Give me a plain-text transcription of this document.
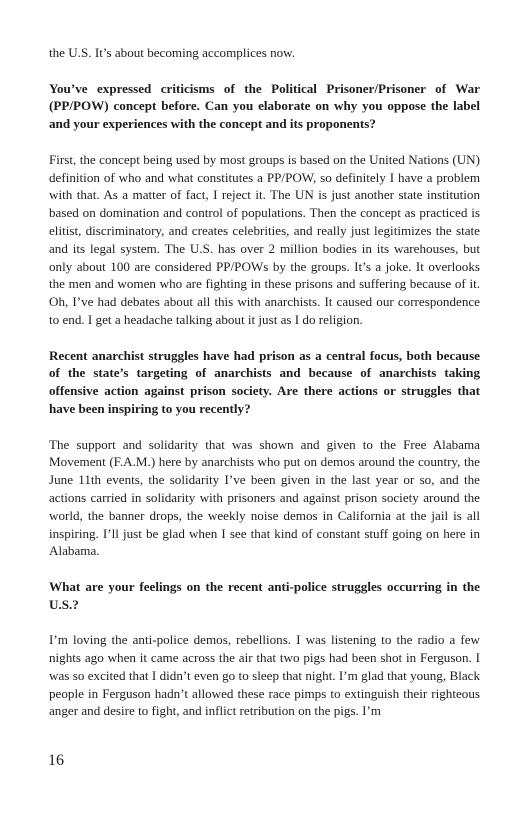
the U.S. It’s about becoming accomplices now.

You’ve expressed criticisms of the Political Prisoner/Prisoner of War (PP/POW) concept before. Can you elaborate on why you oppose the label and your experiences with the concept and its proponents?

First, the concept being used by most groups is based on the United Nations (UN) definition of who and what constitutes a PP/POW, so definitely I have a problem with that. As a matter of fact, I reject it. The UN is just another state institution based on domination and control of populations. Then the concept as practiced is elitist, discriminatory, and creates celebrities, and really just legitimizes the state and its legal system. The U.S. has over 2 million bodies in its warehouses, but only about 100 are considered PP/POWs by the groups. It’s a joke. It overlooks the men and women who are fighting in these prisons and suffering because of it. Oh, I’ve had debates about all this with anarchists. It caused our correspondence to end. I get a headache talking about it just as I do religion.

Recent anarchist struggles have had prison as a central focus, both because of the state’s targeting of anarchists and because of anarchists taking offensive action against prison society. Are there actions or struggles that have been inspiring to you recently?

The support and solidarity that was shown and given to the Free Alabama Movement (F.A.M.) here by anarchists who put on demos around the country, the June 11th events, the solidarity I’ve been given in the last year or so, and the actions carried in solidarity with prisoners and against prison society around the world, the banner drops, the weekly noise demos in California at the jail is all inspiring. I’ll just be glad when I see that kind of constant stuff going on here in Alabama.

What are your feelings on the recent anti-police struggles occurring in the U.S.?

I’m loving the anti-police demos, rebellions. I was listening to the radio a few nights ago when it came across the air that two pigs had been shot in Ferguson. I was so excited that I didn’t even go to sleep that night. I’m glad that young, Black people in Ferguson hadn’t allowed these race pimps to extinguish their righteous anger and desire to fight, and inflict retribution on the pigs. I’m

16
